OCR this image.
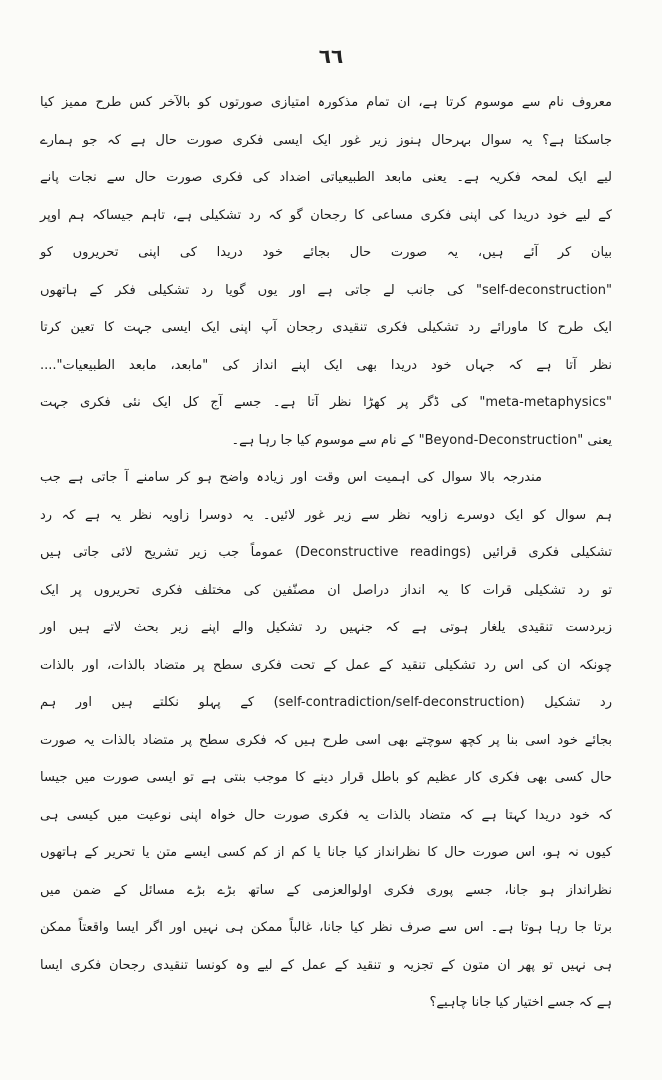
٦٦
معروف نام سے موسوم کرتا ہے، ان تمام مذکورہ امتیازی صورتوں کو بالآخر کس طرح ممیز کیا
جاسکتا ہے؟ یہ سوال بہرحال ہنوز زیر غور ایک ایسی فکری صورت حال ہے کہ جو ہمارے
لیے ایک لمحہ فکریہ ہے۔ یعنی مابعد الطبیعیاتی اضداد کی فکری صورت حال سے نجات پانے
کے لیے خود دریدا کی اپنی فکری مساعی کا رجحان گو کہ رد تشکیلی ہے، تاہم جیساکہ ہم اوپر
بیان کر آئے ہیں، یہ صورت حال بجائے خود دریدا کی اپنی تحریروں کو
"self-deconstruction" کی جانب لے جاتی ہے اور یوں گویا رد تشکیلی فکر کے ہاتھوں
ایک طرح کا ماورائے رد تشکیلی فکری تنقیدی رجحان آپ اپنی ایک ایسی جہت کا تعین کرتا
نظر آتا ہے کہ جہاں خود دریدا بھی ایک اپنے انداز کی "مابعد، مابعد الطبیعیات"....
"meta-metaphysics" کی ڈگر پر کھڑا نظر آتا ہے۔ جسے آج کل ایک نئی فکری جہت
یعنی "Beyond-Deconstruction" کے نام سے موسوم کیا جا رہا ہے۔
مندرجہ بالا سوال کی اہمیت اس وقت اور زیادہ واضح ہو کر سامنے آ جاتی ہے جب
ہم سوال کو ایک دوسرے زاویہ نظر سے زیر غور لائیں۔ یہ دوسرا زاویہ نظر یہ ہے کہ رد
تشکیلی فکری قرائیں (Deconstructive readings) عموماً جب زیر تشریح لائی جاتی ہیں
تو رد تشکیلی قرات کا یہ انداز دراصل ان مصنّفین کی مختلف فکری تحریروں پر ایک
زبردست تنقیدی یلغار ہوتی ہے کہ جنہیں رد تشکیل والے اپنے زیر بحث لاتے ہیں اور
چونکہ ان کی اس رد تشکیلی تنقید کے عمل کے تحت فکری سطح پر متضاد بالذات، اور بالذات
رد تشکیل (self-contradiction/self-deconstruction) کے پہلو نکلتے ہیں اور ہم
بجائے خود اسی بنا پر کچھ سوچتے بھی اسی طرح ہیں کہ فکری سطح پر متضاد بالذات یہ صورت
حال کسی بھی فکری کار عظیم کو باطل قرار دینے کا موجب بنتی ہے تو ایسی صورت میں جیسا
کہ خود دریدا کہتا ہے کہ متضاد بالذات یہ فکری صورت حال خواہ اپنی نوعیت میں کیسی ہی
کیوں نہ ہو، اس صورت حال کا نظرانداز کیا جانا یا کم از کم کسی ایسے متن یا تحریر کے ہاتھوں
نظرانداز ہو جانا، جسے پوری فکری اولوالعزمی کے ساتھ بڑے بڑے مسائل کے ضمن میں
برتا جا رہا ہوتا ہے۔ اس سے صرف نظر کیا جانا، غالباً ممکن ہی نہیں اور اگر ایسا واقعتاً ممکن
ہی نہیں تو پھر ان متون کے تجزیہ و تنقید کے عمل کے لیے وہ کونسا تنقیدی رجحان فکری ایسا
ہے کہ جسے اختیار کیا جانا چاہیے؟
